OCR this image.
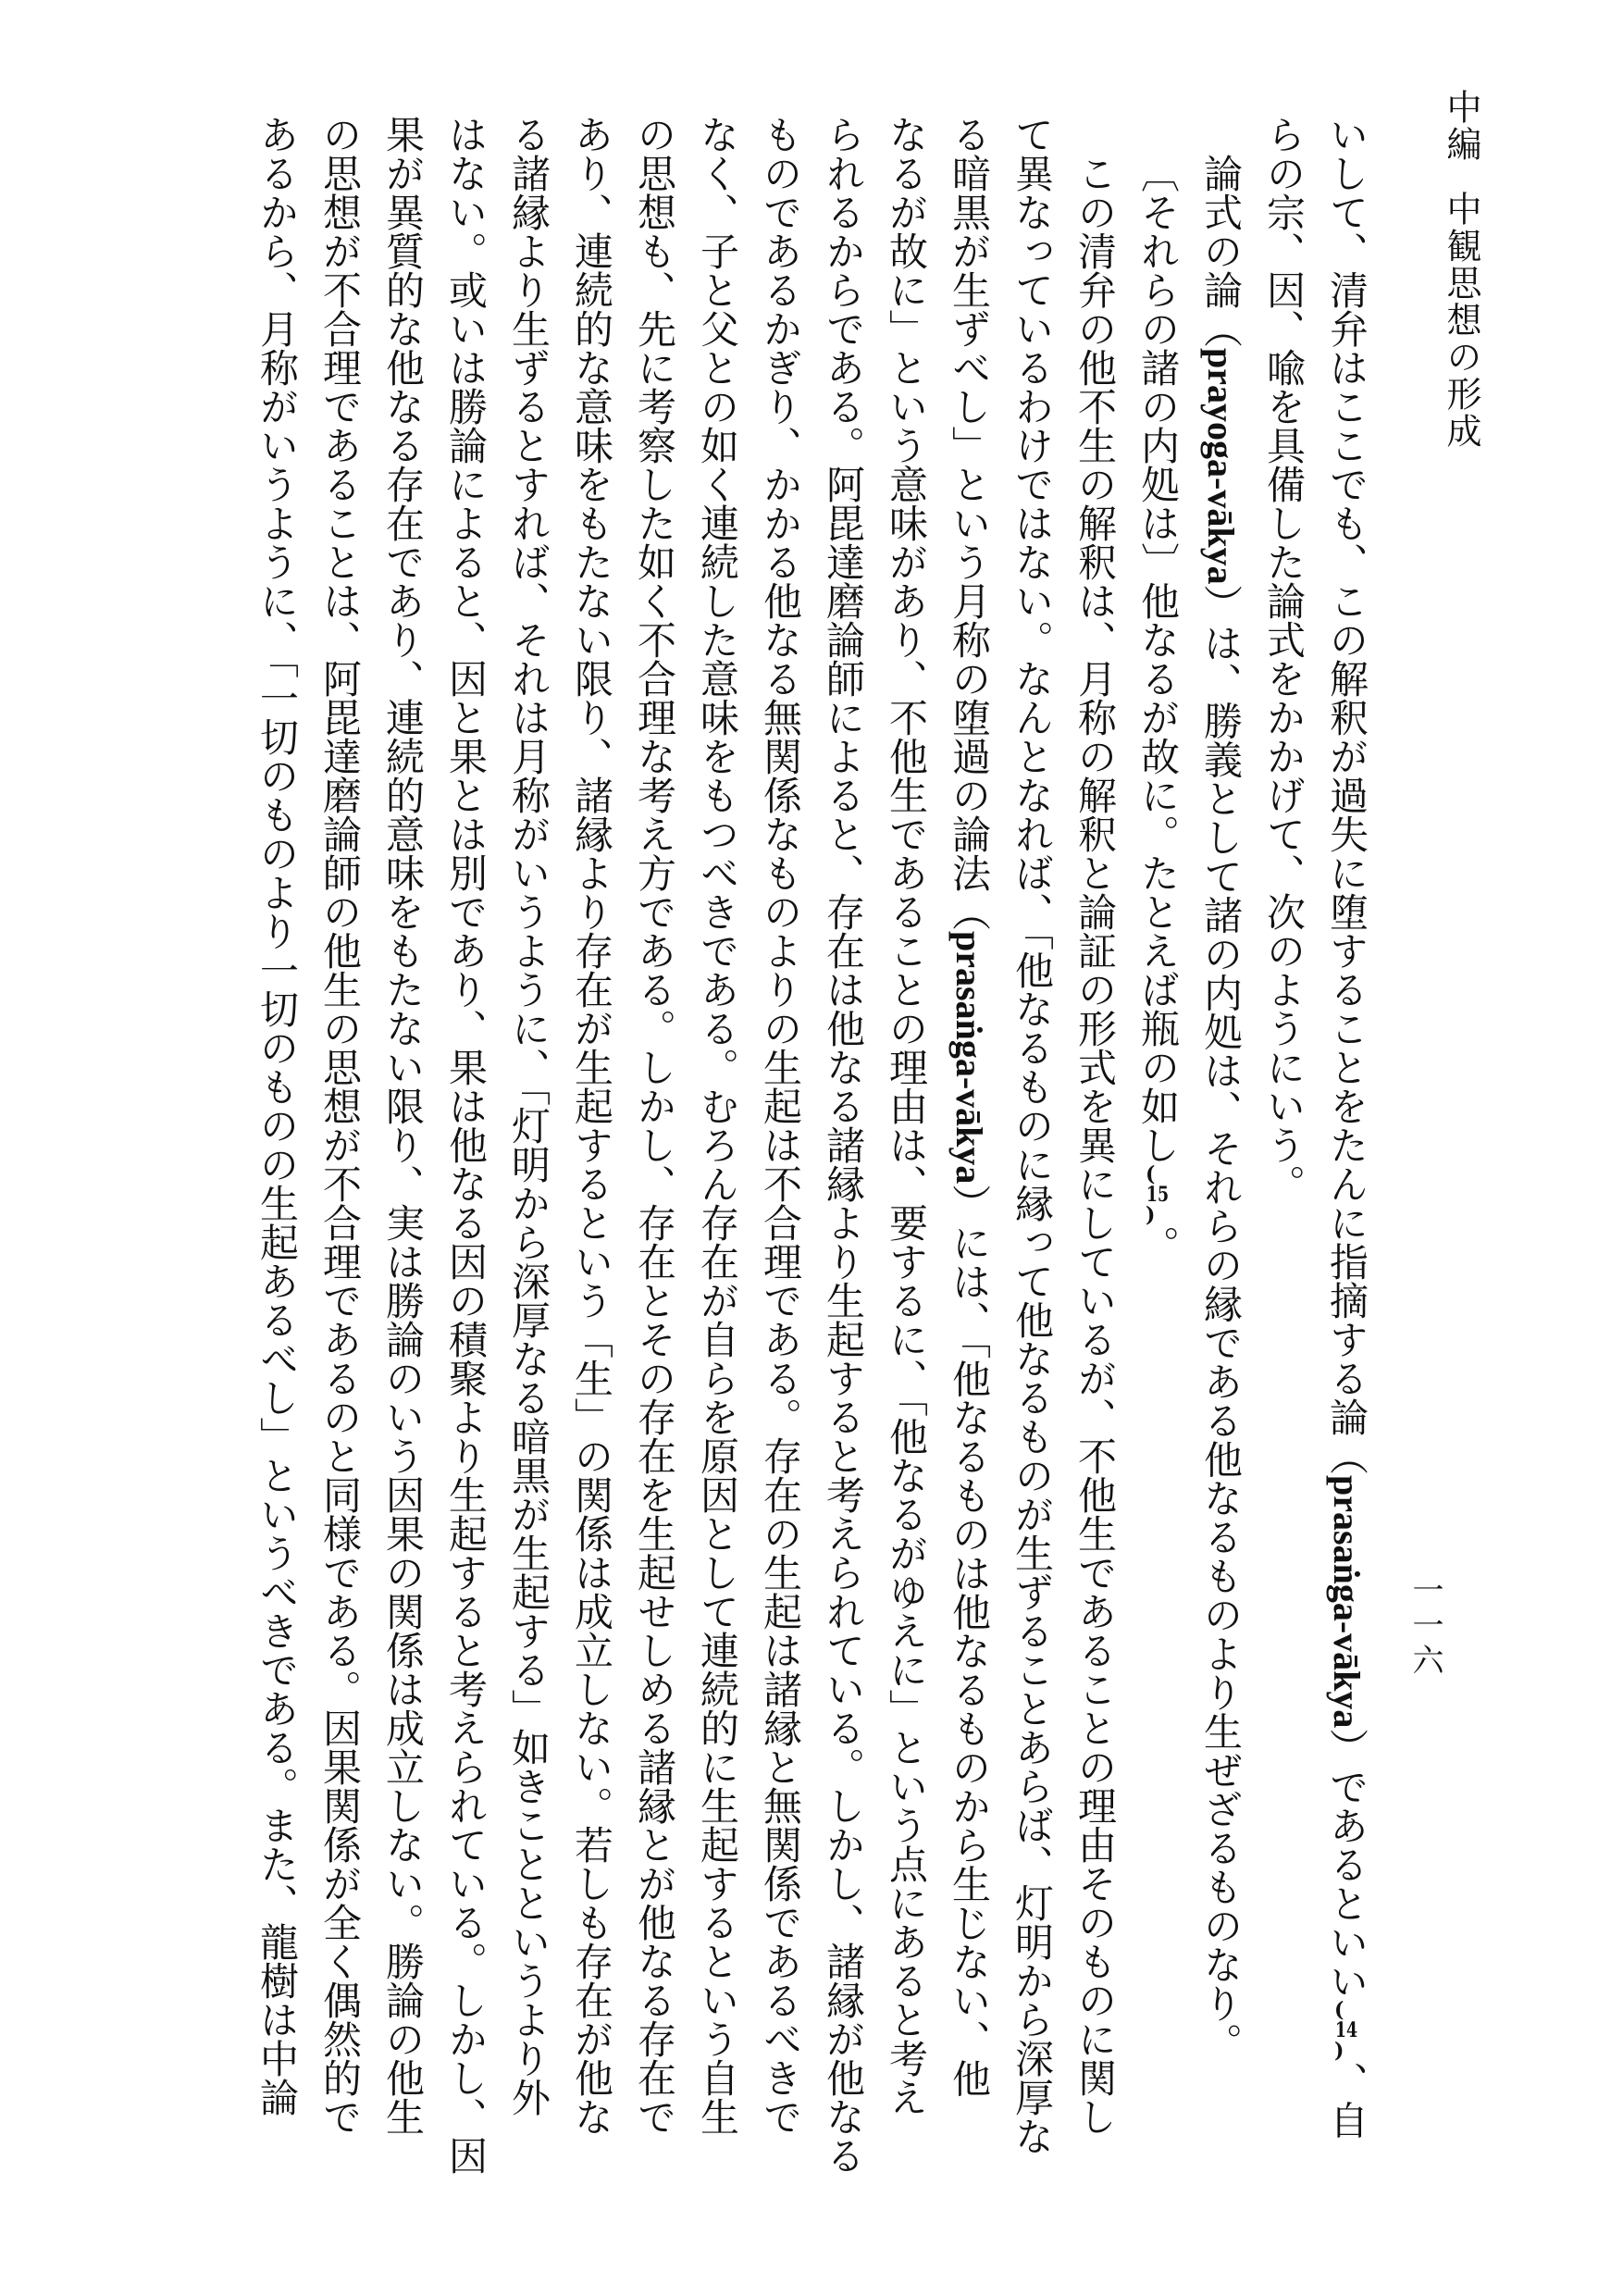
中編中観思想の形成
一一六
いして、清弁はここでも、この解釈が過失に堕することをたんに指摘する論（prasaṅga-vākya）であるといい( 14 )、自
らの宗、因、喩を具備した論式をかかげて、次のようにいう。
論式の論（prayoga-vākya）は、勝義として諸の内処は、それらの縁である他なるものより生ぜざるものなり。
〔それらの諸の内処は〕他なるが故に。たとえば瓶の如し( 15 )。
この清弁の他不生の解釈は、月称の解釈と論証の形式を異にしているが、不他生であることの理由そのものに関し
て異なっているわけではない。なんとなれば、「他なるものに縁って他なるものが生ずることあらば、灯明から深厚な
る暗黒が生ずべし」という月称の堕過の論法（prasaṅga-vākya）には、「他なるものは他なるものから生じない、他
なるが故に」という意味があり、不他生であることの理由は、要するに、「他なるがゆえに」という点にあると考え
られるからである。阿毘達磨論師によると、存在は他なる諸縁より生起すると考えられている。しかし、諸縁が他なる
ものであるかぎり、かかる他なる無関係なものよりの生起は不合理である。存在の生起は諸縁と無関係であるべきで
なく、子と父との如く連続した意味をもつべきである。むろん存在が自らを原因として連続的に生起するという自生
の思想も、先に考察した如く不合理な考え方である。しかし、存在とその存在を生起せしめる諸縁とが他なる存在で
あり、連続的な意味をもたない限り、諸縁より存在が生起するという「生」の関係は成立しない。若しも存在が他な
る諸縁より生ずるとすれば、それは月称がいうように、「灯明から深厚なる暗黒が生起する」如きことというより外
はない。或いは勝論によると、因と果とは別であり、果は他なる因の積聚より生起すると考えられている。しかし、因
果が異質的な他なる存在であり、連続的意味をもたない限り、実は勝論のいう因果の関係は成立しない。勝論の他生
の思想が不合理であることは、阿毘達磨論師の他生の思想が不合理であるのと同様である。因果関係が全く偶然的で
あるから、月称がいうように、「一切のものより一切のものの生起あるべし」というべきである。また、龍樹は中論
